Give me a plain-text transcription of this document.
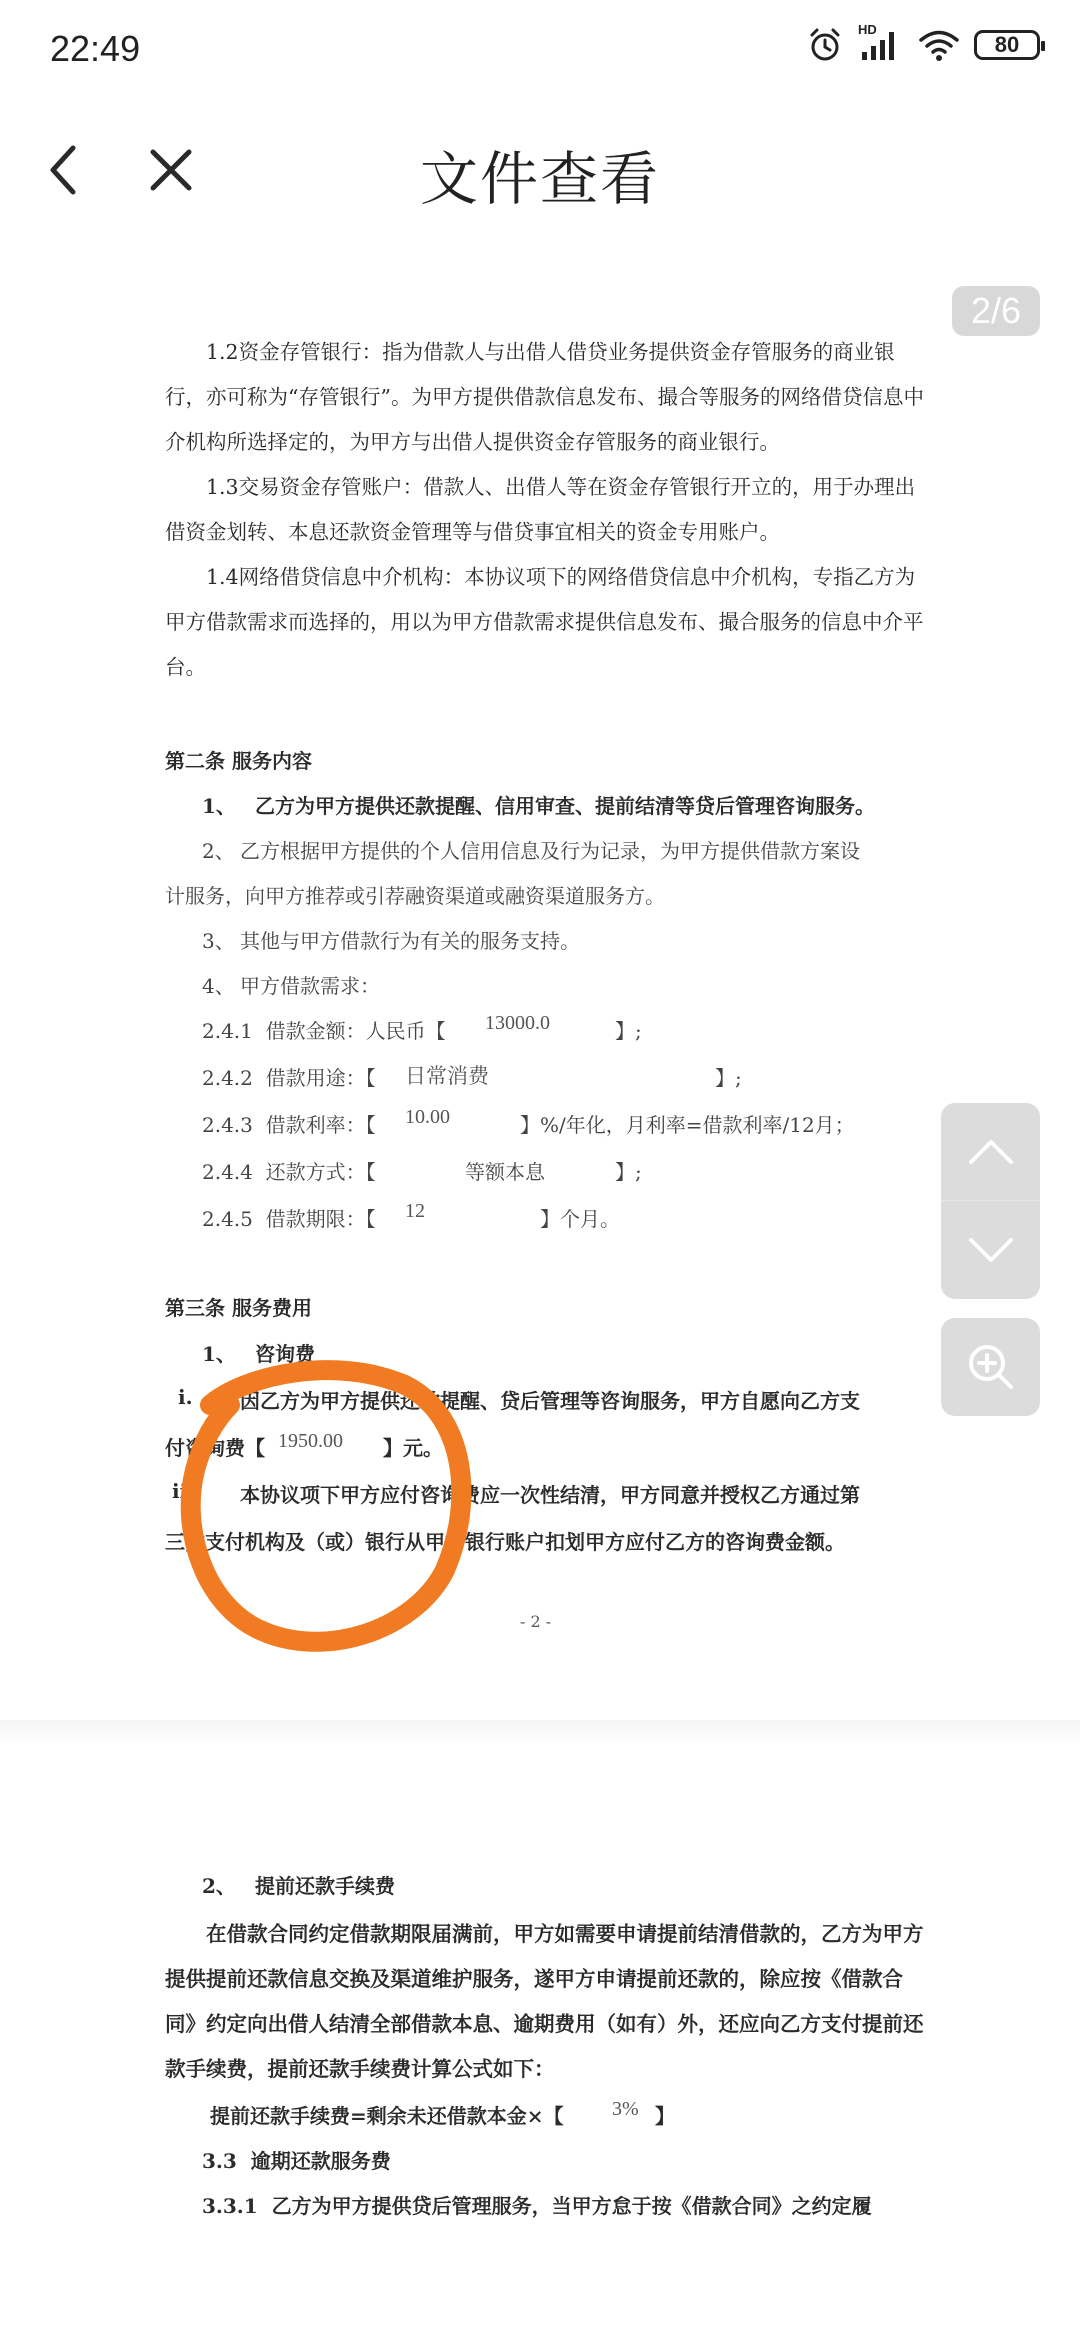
22:49	HD
80
文件查看
2/6

1.2资金存管银行：指为借款人与出借人借贷业务提供资金存管服务的商业银行，亦可称为“存管银行”。为甲方提供借款信息发布、撮合等服务的网络借贷信息中介机构所选择定的，为甲方与出借人提供资金存管服务的商业银行。

1.3交易资金存管账户：借款人、出借人等在资金存管银行开立的，用于办理出借资金划转、本息还款资金管理等与借贷事宜相关的资金专用账户。

1.4网络借贷信息中介机构：本协议项下的网络借贷信息中介机构，专指乙方为甲方借款需求而选择的，用以为甲方借款需求提供信息发布、撮合服务的信息中介平台。

第二条 服务内容
1、 乙方为甲方提供还款提醒、信用审查、提前结清等贷后管理咨询服务。
2、 乙方根据甲方提供的个人信用信息及行为记录，为甲方提供借款方案设
计服务，向甲方推荐或引荐融资渠道或融资渠道服务方。
3、 其他与甲方借款行为有关的服务支持。
4、 甲方借款需求：
2.4.1  借款金额：人民币【 13000.0	】;
2.4.2  借款用途：【 日常消费	】;
2.4.3  借款利率：【 10.00	】%/年化，月利率=借款利率/12月；
2.4.4  还款方式：【	等额本息	】;
2.4.5  借款期限：【 12	】个月。
第三条 服务费用
1、 咨询费
i. 因乙方为甲方提供还款提醒、贷后管理等咨询服务，甲方自愿向乙方支
付咨询费【 1950.00 】元。
ii. 本协议项下甲方应付咨询费应一次性结清，甲方同意并授权乙方通过第
三方支付机构及（或）银行从甲方银行账户扣划甲方应付乙方的咨询费金额。
- 2 -
2、 提前还款手续费

在借款合同约定借款期限届满前，甲方如需要申请提前结清借款的，乙方为甲方提供提前还款信息交换及渠道维护服务，遂甲方申请提前还款的，除应按《借款合同》约定向出借人结清全部借款本息、逾期费用（如有）外，还应向乙方支付提前还款手续费，提前还款手续费计算公式如下：

提前还款手续费=剩余未还借款本金×【 3% 】
3.3  逾期还款服务费
3.3.1  乙方为甲方提供贷后管理服务，当甲方怠于按《借款合同》之约定履
